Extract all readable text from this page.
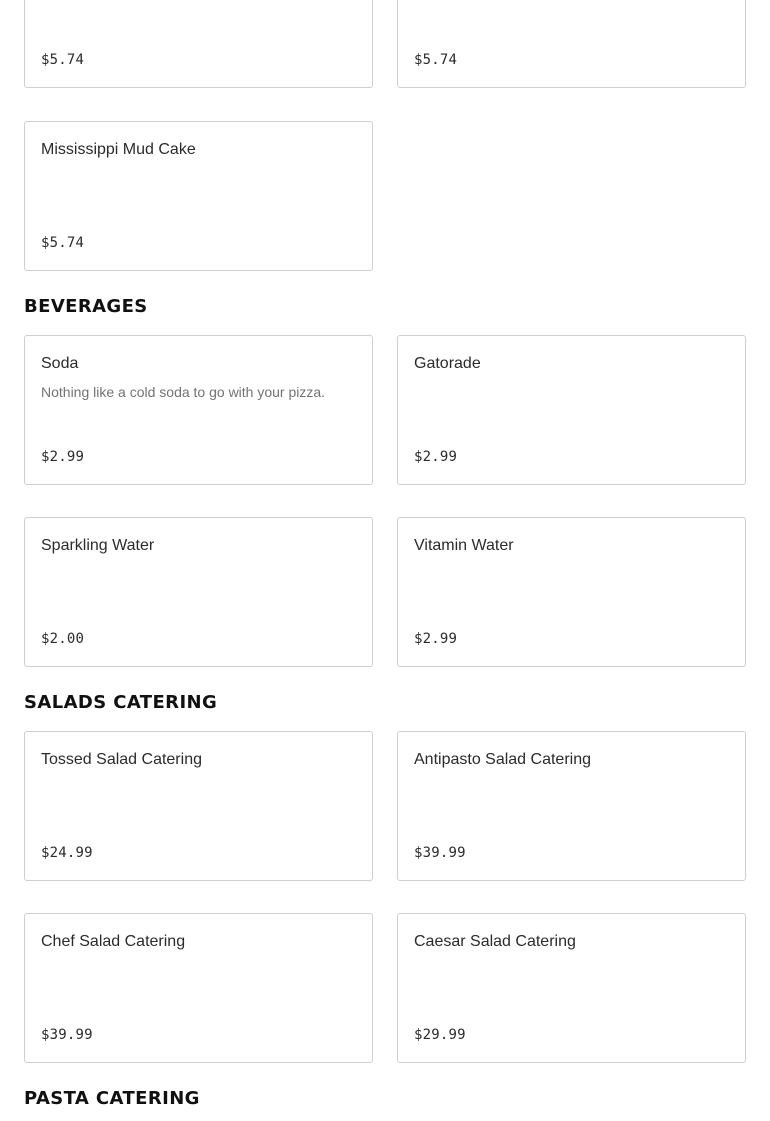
$5.74	$5.74
Mississippi Mud Cake
$5.74
BEVERAGES
Soda
Nothing like a cold soda to go with your pizza.
$2.99
Gatorade
$2.99
Sparkling Water
$2.00
Vitamin Water
$2.99
SALADS CATERING
Tossed Salad Catering
$24.99
Antipasto Salad Catering
$39.99
Chef Salad Catering
$39.99
Caesar Salad Catering
$29.99
PASTA CATERING
